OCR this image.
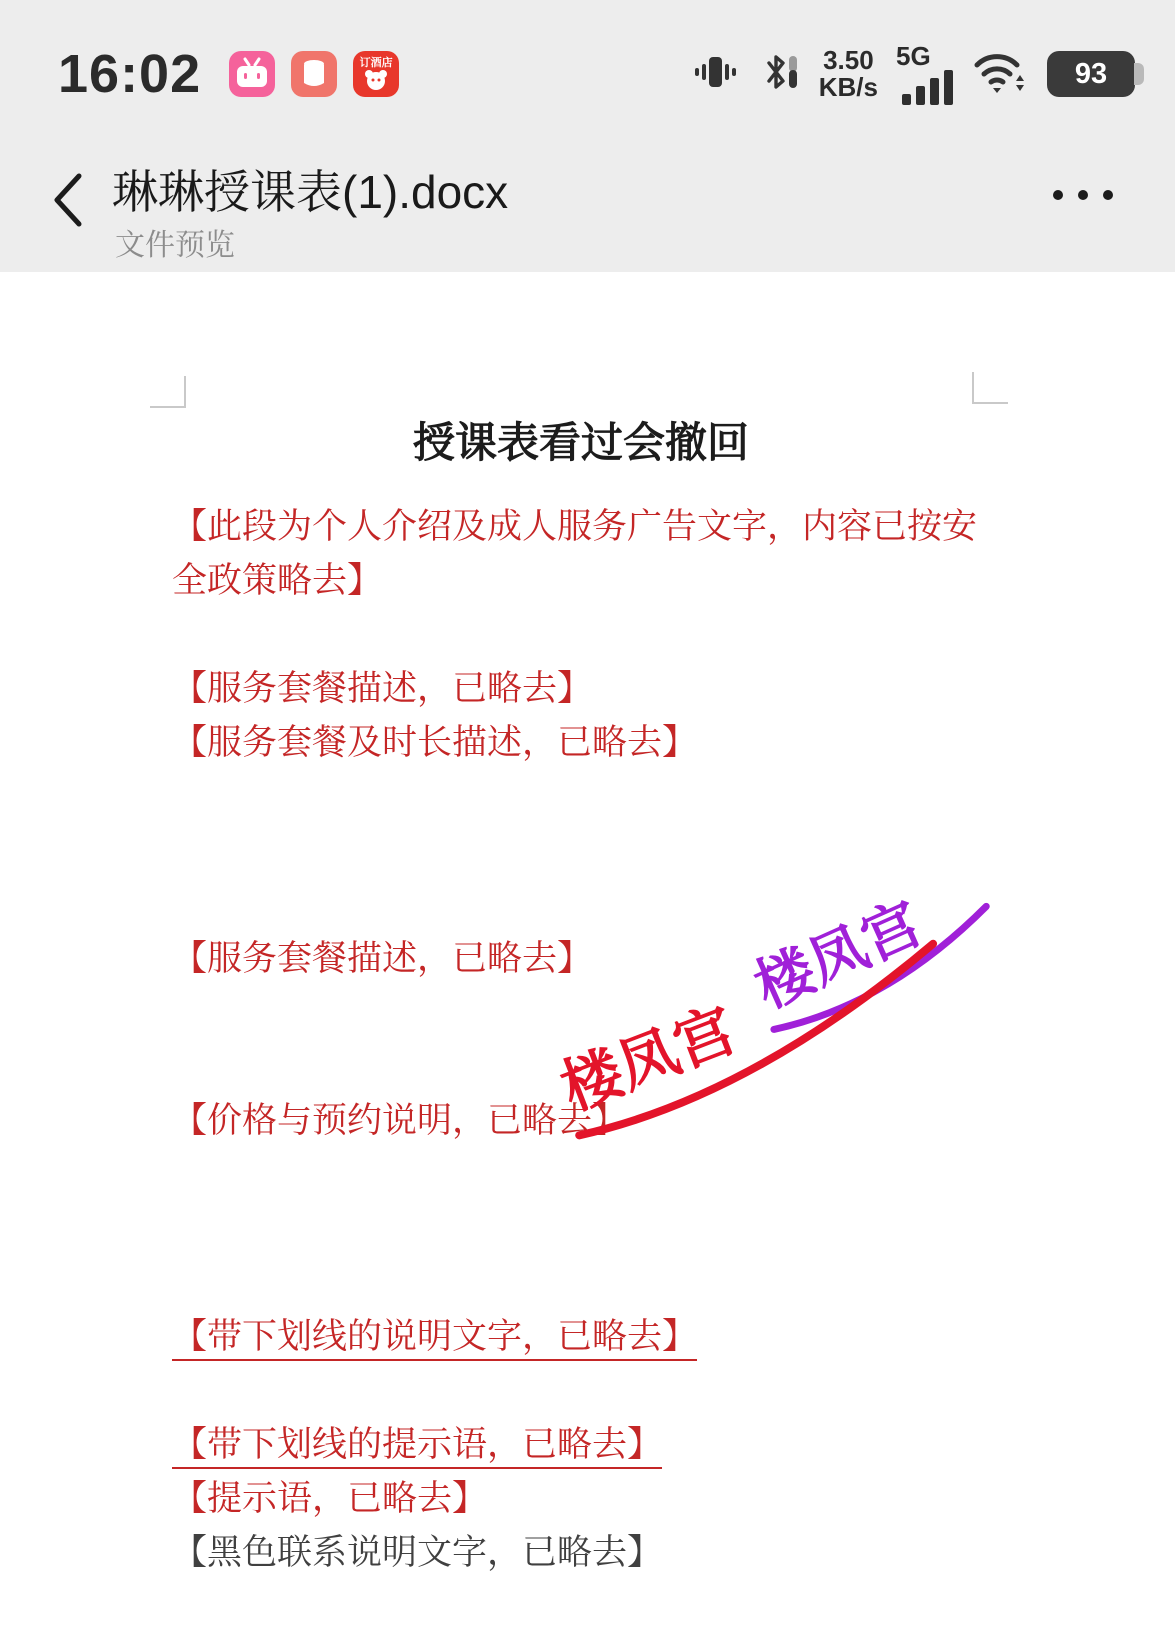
16:02	订酒店	3.50
KB/s
5G
93
琳琳授课表(1).docx
文件预览
授课表看过会撤回

【此段为个人介绍及成人服务广告文字，内容已按安全政策略去】

【服务套餐描述，已略去】

【服务套餐及时长描述，已略去】

【服务套餐描述，已略去】

【价格与预约说明，已略去】

【带下划线的说明文字，已略去】

【带下划线的提示语，已略去】

【提示语，已略去】

【黑色联系说明文字，已略去】

楼凤宫
楼凤宫
